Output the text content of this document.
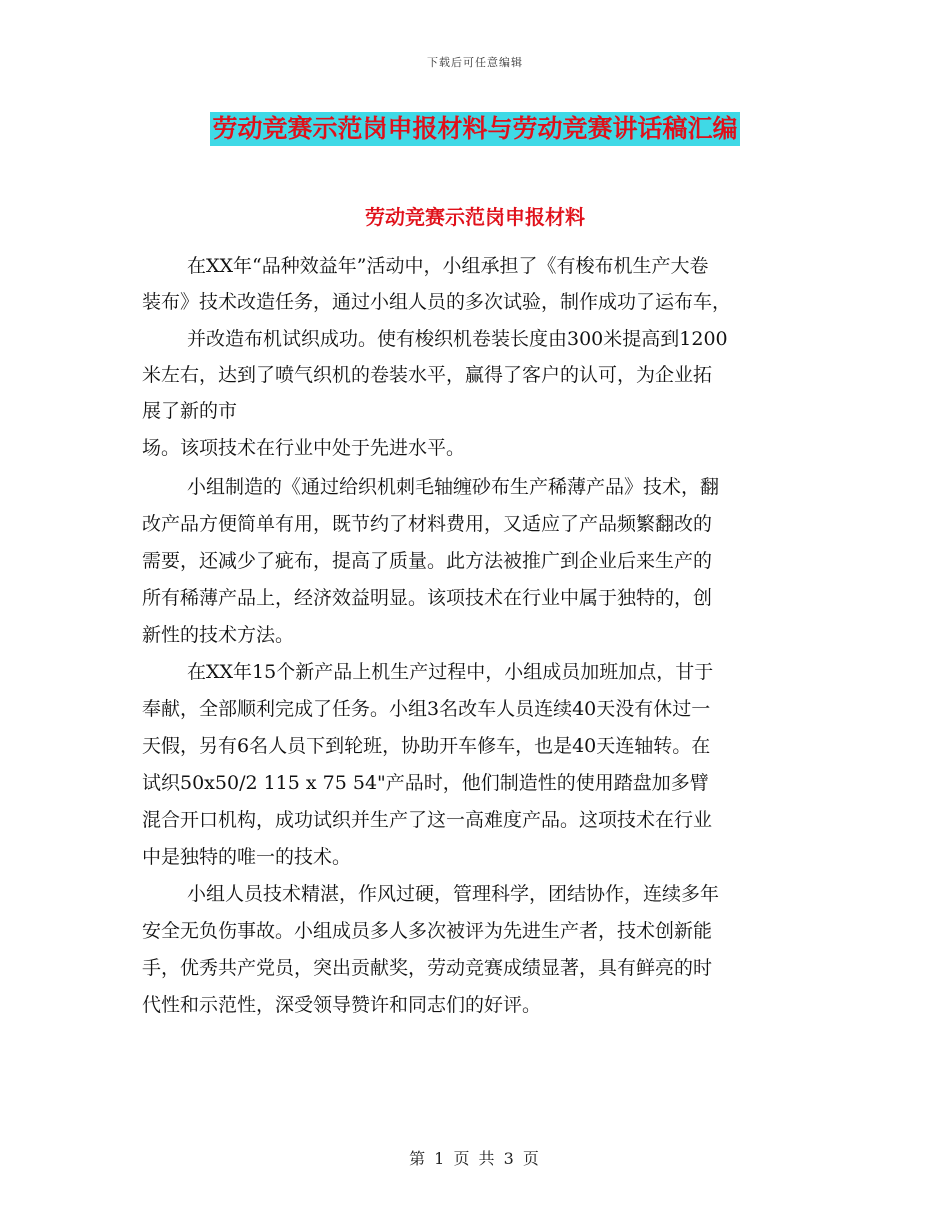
下载后可任意编辑
劳动竞赛示范岗申报材料与劳动竞赛讲话稿汇编
劳动竞赛示范岗申报材料
在XX年“品种效益年”活动中，小组承担了《有梭布机生产大卷
装布》技术改造任务，通过小组人员的多次试验，制作成功了运布车，
并改造布机试织成功。使有梭织机卷装长度由300米提高到1200
米左右，达到了喷气织机的卷装水平，赢得了客户的认可，为企业拓
展了新的市
场。该项技术在行业中处于先进水平。
小组制造的《通过给织机刺毛轴缠砂布生产稀薄产品》技术，翻
改产品方便简单有用，既节约了材料费用，又适应了产品频繁翻改的
需要，还减少了疵布，提高了质量。此方法被推广到企业后来生产的
所有稀薄产品上，经济效益明显。该项技术在行业中属于独特的，创
新性的技术方法。
在XX年15个新产品上机生产过程中，小组成员加班加点，甘于
奉献，全部顺利完成了任务。小组3名改车人员连续40天没有休过一
天假，另有6名人员下到轮班，协助开车修车，也是40天连轴转。在
试织50x50/2 115 x 75 54"产品时，他们制造性的使用踏盘加多臂
混合开口机构，成功试织并生产了这一高难度产品。这项技术在行业
中是独特的唯一的技术。
小组人员技术精湛，作风过硬，管理科学，团结协作，连续多年
安全无负伤事故。小组成员多人多次被评为先进生产者，技术创新能
手，优秀共产党员，突出贡献奖，劳动竞赛成绩显著，具有鲜亮的时
代性和示范性，深受领导赞许和同志们的好评。
第 1 页 共 3 页
